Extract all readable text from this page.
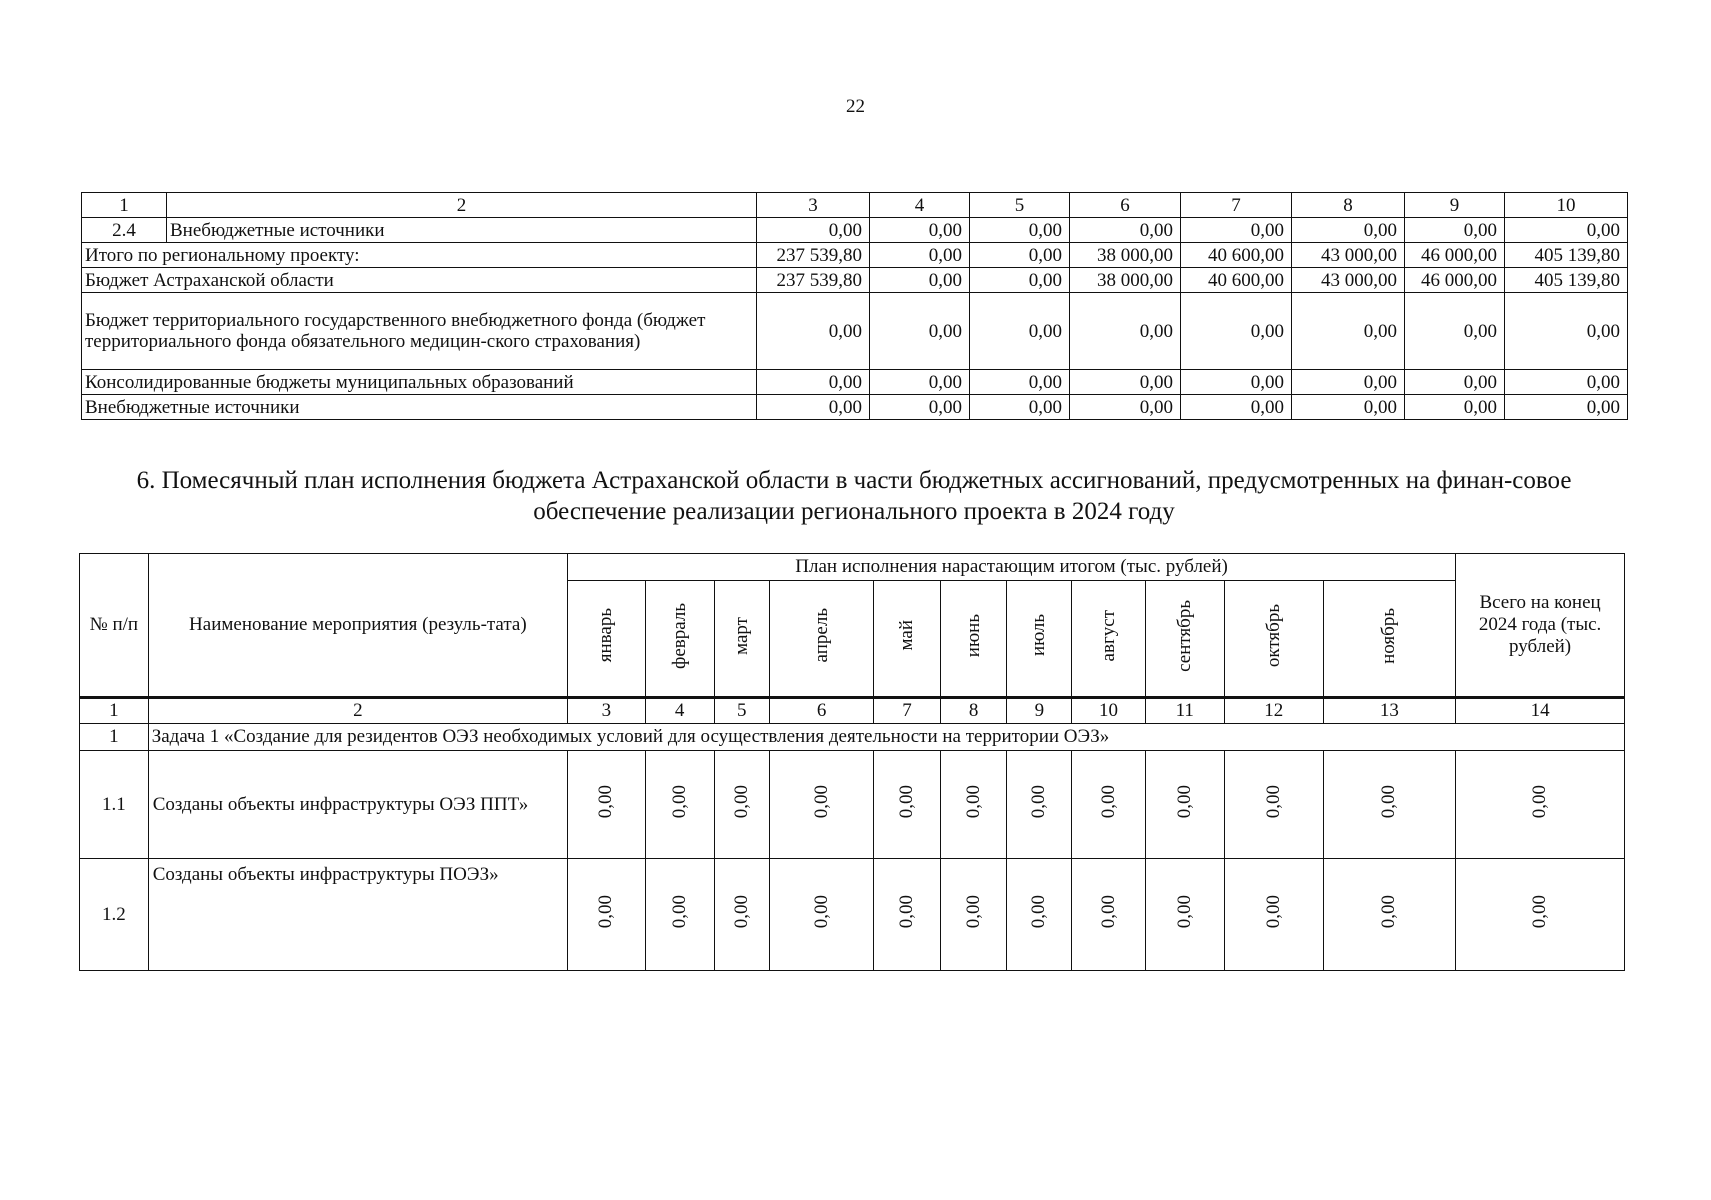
22
1	2	3	4	5	6	7	8	9	10
2.4	Внебюджетные источники	0,00	0,00	0,00	0,00	0,00	0,00	0,00	0,00
Итого по региональному проекту:		237 539,80	0,00	0,00	38 000,00	40 600,00	43 000,00	46 000,00	405 139,80
Бюджет Астраханской области		237 539,80	0,00	0,00	38 000,00	40 600,00	43 000,00	46 000,00	405 139,80
Бюджет территориального государственного внебюджетного фонда (бюджет территориального фонда обязательного медицин-ского страхования)		0,00	0,00	0,00	0,00	0,00	0,00	0,00	0,00
Консолидированные бюджеты муниципальных образований		0,00	0,00	0,00	0,00	0,00	0,00	0,00	0,00
Внебюджетные источники		0,00	0,00	0,00	0,00	0,00	0,00	0,00	0,00
6. Помесячный план исполнения бюджета Астраханской области в части бюджетных ассигнований, предусмотренных на финан-совое обеспечение реализации регионального проекта в 2024 году
№ п/п	Наименование мероприятия (резуль-тата)	План исполнения нарастающим итогом (тыс. рублей)											Всего на конец 2024 года (тыс. рублей)
		январь	февраль	март	апрель	май	июнь	июль	август	сентябрь	октябрь	ноябрь	
1	2	3	4	5	6	7	8	9	10	11	12	13	14
1	Задача 1 «Создание для резидентов ОЭЗ необходимых условий для осуществления деятельности на территории ОЭЗ»												
1.1	Созданы объекты инфраструктуры ОЭЗ ППТ»	0,00	0,00	0,00	0,00	0,00	0,00	0,00	0,00	0,00	0,00	0,00	0,00
1.2	Созданы объекты инфраструктуры ПОЭЗ»	0,00	0,00	0,00	0,00	0,00	0,00	0,00	0,00	0,00	0,00	0,00	0,00
